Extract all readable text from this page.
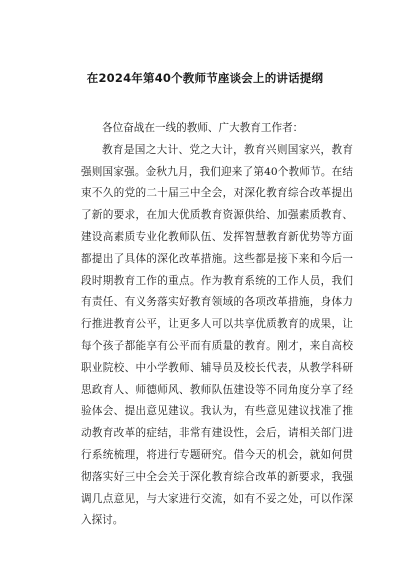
在2024年第40个教师节座谈会上的讲话提纲
各位奋战在一线的教师、广大教育工作者：
教育是国之大计、党之大计，教育兴则国家兴，教育
强则国家强。金秋九月，我们迎来了第40个教师节。在结
束不久的党的二十届三中全会，对深化教育综合改革提出
了新的要求，在加大优质教育资源供给、加强素质教育、
建设高素质专业化教师队伍、发挥智慧教育新优势等方面
都提出了具体的深化改革措施。这些都是接下来和今后一
段时期教育工作的重点。作为教育系统的工作人员，我们
有责任、有义务落实好教育领域的各项改革措施，身体力
行推进教育公平，让更多人可以共享优质教育的成果，让
每个孩子都能享有公平而有质量的教育。刚才，来自高校
职业院校、中小学教师、辅导员及校长代表，从教学科研
思政育人、师德师风、教师队伍建设等不同角度分享了经
验体会、提出意见建议。我认为，有些意见建议找准了推
动教育改革的症结，非常有建设性，会后，请相关部门进
行系统梳理，将进行专题研究。借今天的机会，就如何贯
彻落实好三中全会关于深化教育综合改革的新要求，我强
调几点意见，与大家进行交流，如有不妥之处，可以作深
入探讨。
